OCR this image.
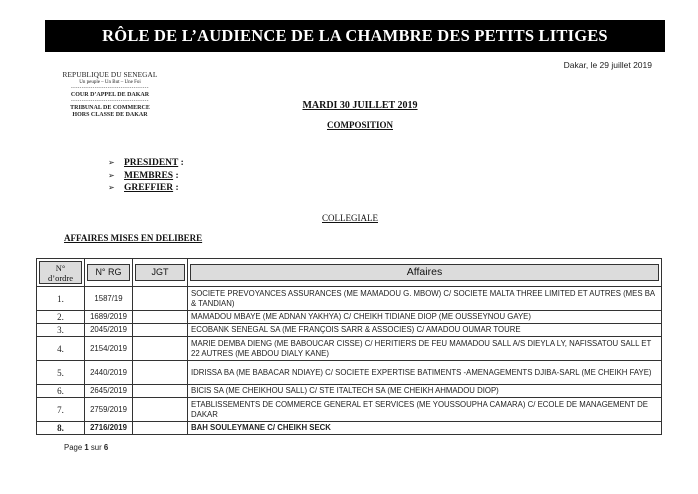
RÔLE DE L’AUDIENCE DE LA CHAMBRE DES PETITS LITIGES
Dakar, le 29 juillet 2019
REPUBLIQUE DU SENEGAL
Un peuple – Un But – Une Foi
------------------------------------
COUR D’APPEL DE DAKAR
------------------------------------
TRIBUNAL DE COMMERCE
HORS CLASSE DE DAKAR
MARDI 30 JUILLET 2019
COMPOSITION
➢ PRESIDENT :
➢ MEMBRES :
➢ GREFFIER :
COLLEGIALE
AFFAIRES MISES EN DELIBERE
N°
d’ordre	N° RG	JGT	Affaires

1.	1587/19		SOCIETE PREVOYANCES ASSURANCES (ME MAMADOU G. MBOW) C/ SOCIETE MALTA THREE LIMITED ET AUTRES (MES BA & TANDIAN)
2.	1689/2019		MAMADOU MBAYE (ME ADNAN YAKHYA) C/ CHEIKH TIDIANE DIOP (ME OUSSEYNOU GAYE)
3.	2045/2019		ECOBANK SENEGAL SA (ME FRANÇOIS SARR & ASSOCIES) C/ AMADOU OUMAR TOURE
4.	2154/2019		MARIE DEMBA DIENG (ME BABOUCAR CISSE) C/ HERITIERS DE FEU MAMADOU SALL A/S DIEYLA LY, NAFISSATOU SALL ET 22 AUTRES (ME ABDOU DIALY KANE)
5.	2440/2019		IDRISSA BA (ME BABACAR NDIAYE) C/ SOCIETE EXPERTISE BATIMENTS -AMENAGEMENTS DJIBA-SARL (ME CHEIKH FAYE)
6.	2645/2019		BICIS SA (ME CHEIKHOU SALL) C/ STE ITALTECH SA (ME CHEIKH AHMADOU DIOP)
7.	2759/2019		ETABLISSEMENTS DE COMMERCE GENERAL ET SERVICES (ME YOUSSOUPHA CAMARA) C/ ECOLE DE MANAGEMENT DE DAKAR
8.	2716/2019		BAH SOULEYMANE C/ CHEIKH SECK
Page 1 sur 6
